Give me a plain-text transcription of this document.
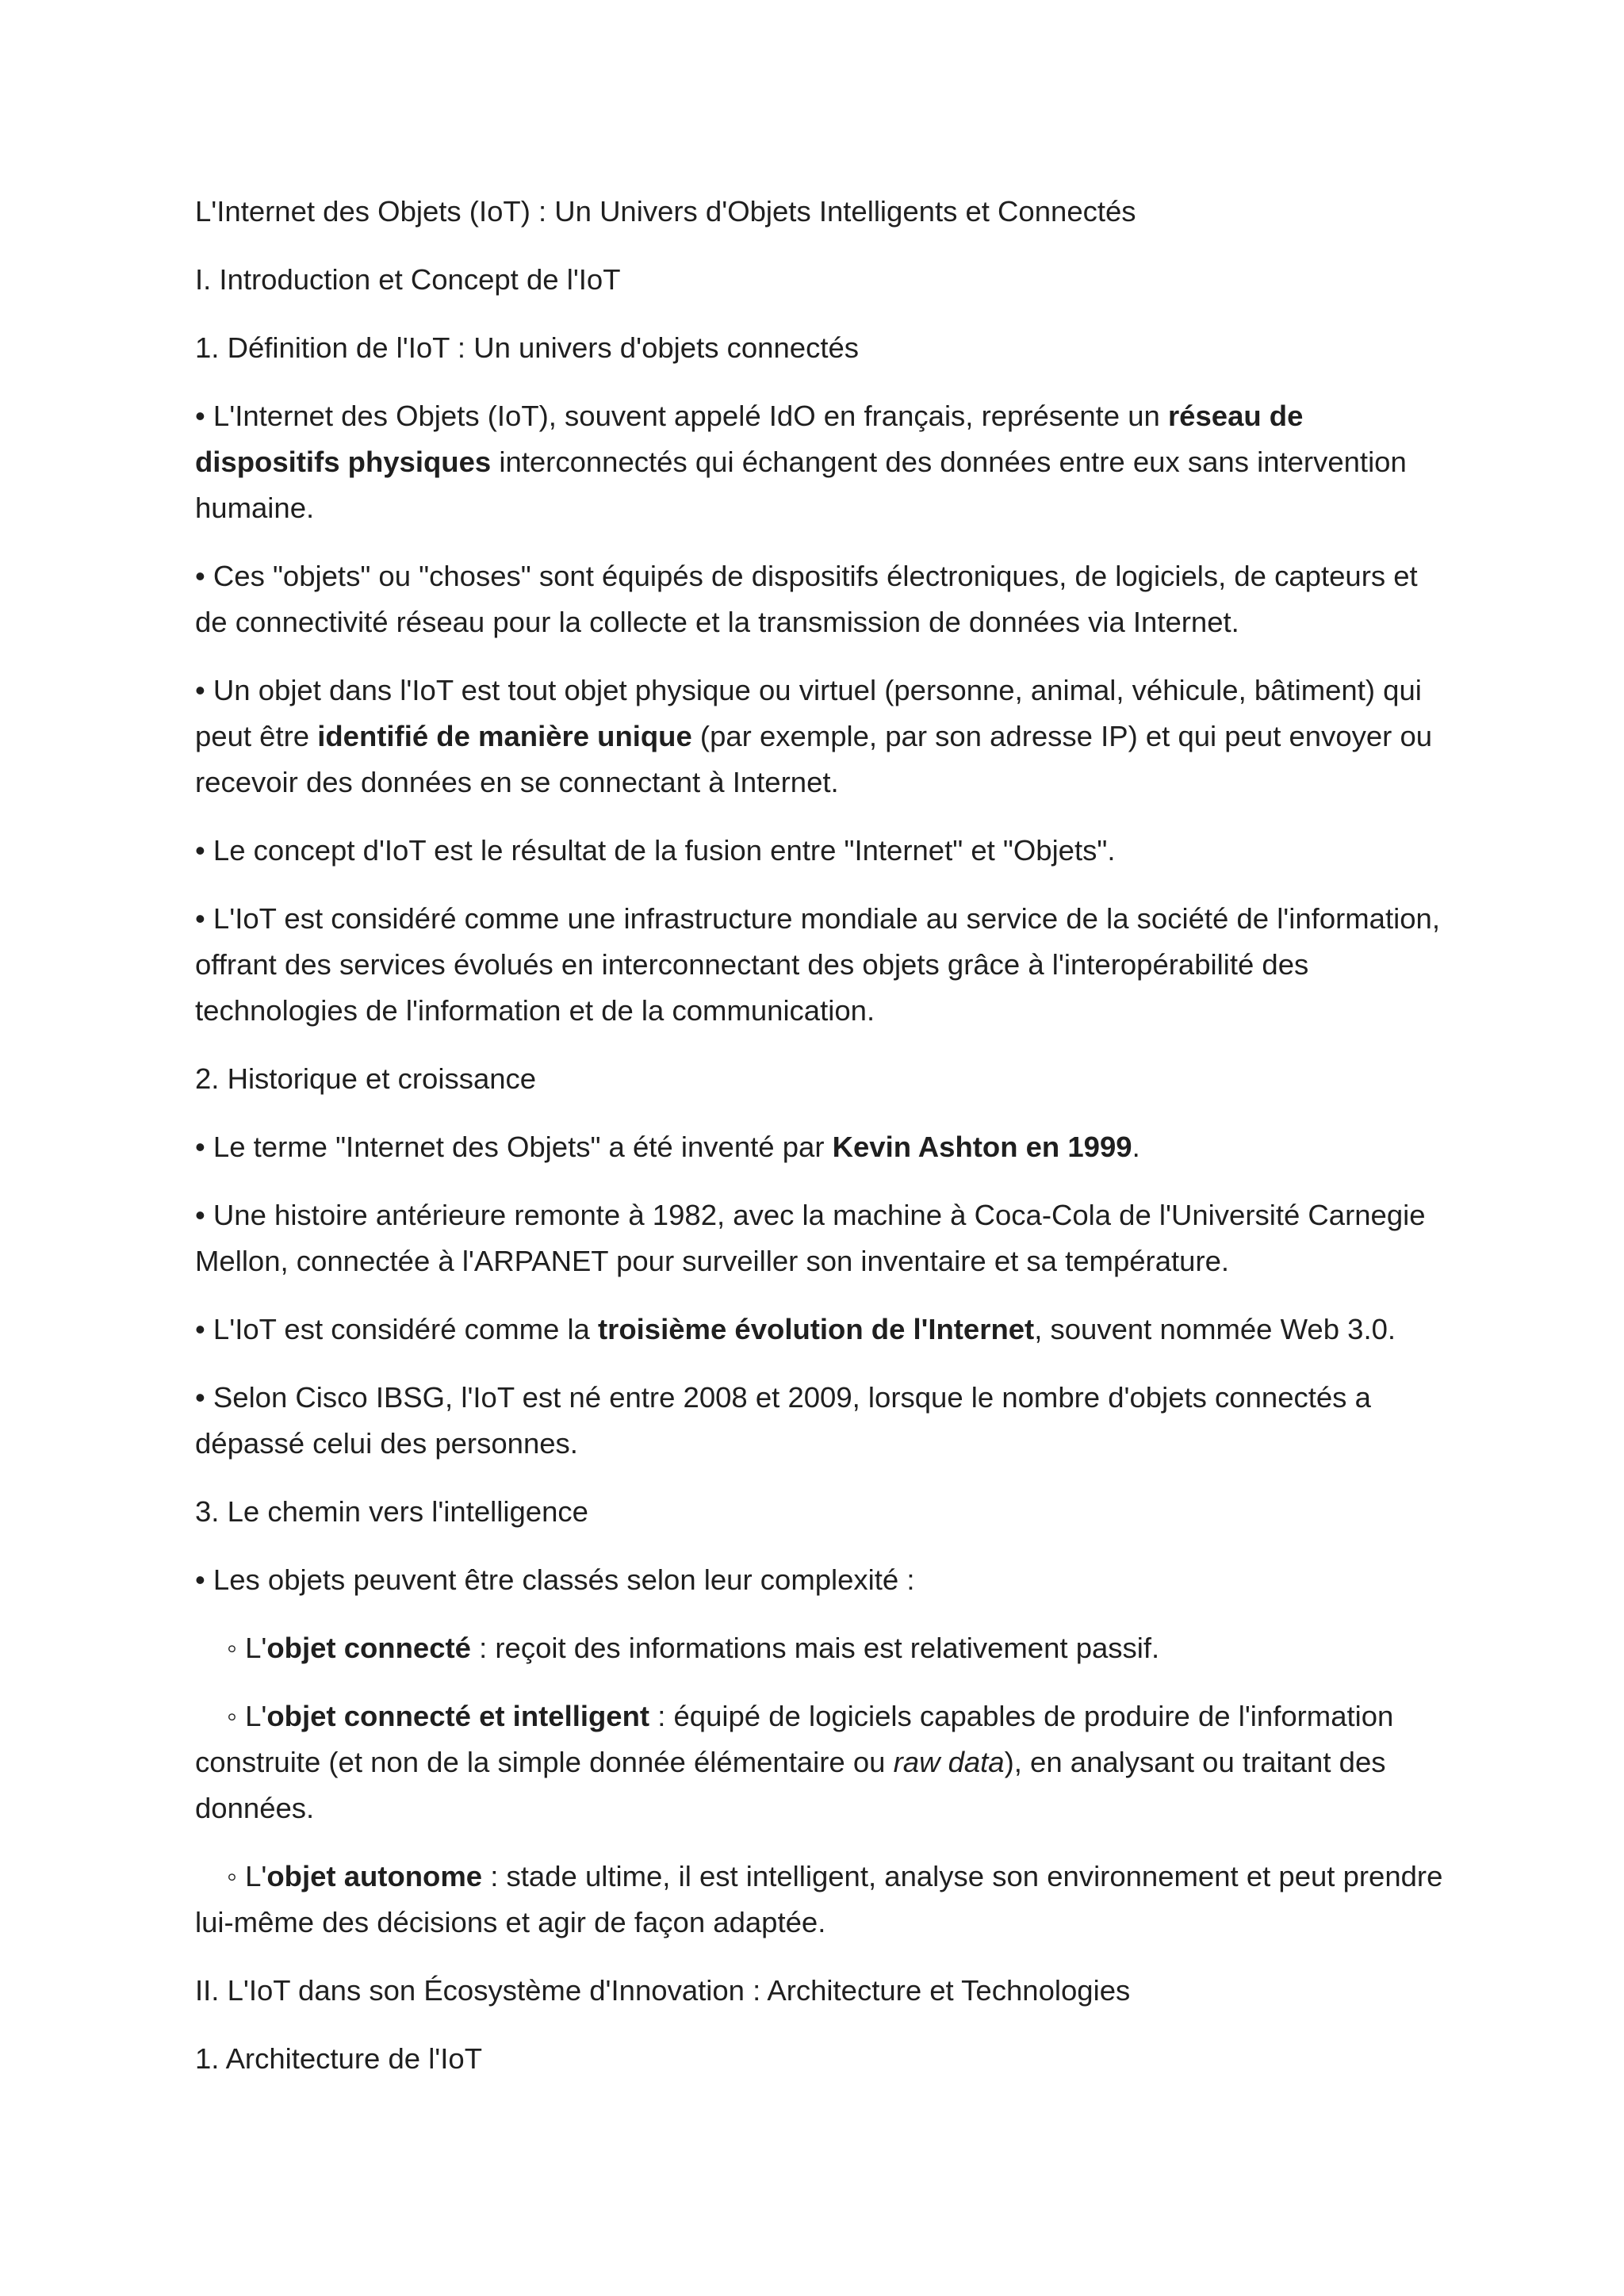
L'Internet des Objets (IoT) : Un Univers d'Objets Intelligents et Connectés

I. Introduction et Concept de l'IoT

1. Définition de l'IoT : Un univers d'objets connectés

• L'Internet des Objets (IoT), souvent appelé IdO en français, représente un réseau de dispositifs physiques interconnectés qui échangent des données entre eux sans intervention humaine.

• Ces "objets" ou "choses" sont équipés de dispositifs électroniques, de logiciels, de capteurs et de connectivité réseau pour la collecte et la transmission de données via Internet.

• Un objet dans l'IoT est tout objet physique ou virtuel (personne, animal, véhicule, bâtiment) qui peut être identifié de manière unique (par exemple, par son adresse IP) et qui peut envoyer ou recevoir des données en se connectant à Internet.

• Le concept d'IoT est le résultat de la fusion entre "Internet" et "Objets".

• L'IoT est considéré comme une infrastructure mondiale au service de la société de l'information, offrant des services évolués en interconnectant des objets grâce à l'interopérabilité des technologies de l'information et de la communication.

2. Historique et croissance

• Le terme "Internet des Objets" a été inventé par Kevin Ashton en 1999.

• Une histoire antérieure remonte à 1982, avec la machine à Coca-Cola de l'Université Carnegie Mellon, connectée à l'ARPANET pour surveiller son inventaire et sa température.

• L'IoT est considéré comme la troisième évolution de l'Internet, souvent nommée Web 3.0.

• Selon Cisco IBSG, l'IoT est né entre 2008 et 2009, lorsque le nombre d'objets connectés a dépassé celui des personnes.

3. Le chemin vers l'intelligence

• Les objets peuvent être classés selon leur complexité :

◦ L'objet connecté : reçoit des informations mais est relativement passif.

◦ L'objet connecté et intelligent : équipé de logiciels capables de produire de l'information construite (et non de la simple donnée élémentaire ou raw data), en analysant ou traitant des données.

◦ L'objet autonome : stade ultime, il est intelligent, analyse son environnement et peut prendre lui-même des décisions et agir de façon adaptée.

II. L'IoT dans son Écosystème d'Innovation : Architecture et Technologies

1. Architecture de l'IoT
